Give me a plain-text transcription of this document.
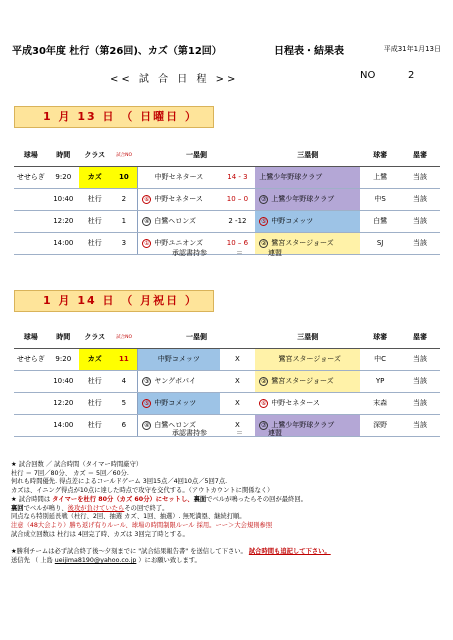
平成30年度 杜行（第26回)、カズ（第12回）	日程表・結果表	平成31年1月13日
<< 試 合 日 程 >>	NO	2
1 月 13 日 （ 日曜日 ）
球場	時間	クラス	試合NO	一塁側		三塁側	球審	塁審
せせらぎ	9:20	カズ	10	中野セネタース	14 - 3	上鷺少年野球クラブ	上鷺	当該
	10:40	杜行	2	⑥ 中野セネタース	10 – 0	⑦ 上鷺少年野球クラブ	中S	当該
	12:20	杜行	1	④ 白鷺ヘロンズ	2 -12	⑤ 中野コメッツ	白鷺	当該
	14:00	杜行	3	① 中野ユニオンズ	10 – 6	② 鷺宮スタージョーズ	SJ	当該
承認書持参	＝	連盟
1 月 14 日 （ 月祝日 ）
球場	時間	クラス	試合NO	一塁側		三塁側	球審	塁審
せせらぎ	9:20	カズ	11	中野コメッツ	X	鷺宮スタージョーズ	中C	当該
	10:40	杜行	4	③ ヤングボパイ	X	② 鷺宮スタージョーズ	YP	当該
	12:20	杜行	5	⑤ 中野コメッツ	X	⑥ 中野セネタース	末森	当該
	14:00	杜行	6	④ 白鷺ヘロンズ	X	⑦ 上鷺少年野球クラブ	深野	当該
承認書持参	＝	連盟
★ 試合回数 ／ 試合時間（タイマー時間厳守）
杜行 ＝ 7回／80分、 カズ ＝ 5回／60分.
何れも時間優先. 得点差によるコールドゲーム 3回15点／4回10点／5回7点.
カズは、イニング得点が10点に達した時点で攻守を交代する。（アウトカウントに関係なく）
★ 試合時間は タイマーを杜行 80分（カズ 60分）にセットし、裏面でベルが鳴ったらその回が最終回。
裏回でベルが鳴り、後攻が負けていたらその回で終了。
同点なら特別延長戦（杜行、2回、抽選 カズ、1回、抽選）. 無死満塁、継続打順。
注意（48大会より）勝ち返げ有りルール、球場の時間制限ルール 採用。ーー＞大会規則参照
試合成立回数は 杜行は 4回完了時、カズは 3回完了時とする。
★勝利チームは必ず試合終了後～夕刻までに "試合結果報告書" を送信して下さい。 試合時間も追記して下さい。
送信先 （ 上島 ueijima8190@yahoo.co.jp ）にお願い致します。
